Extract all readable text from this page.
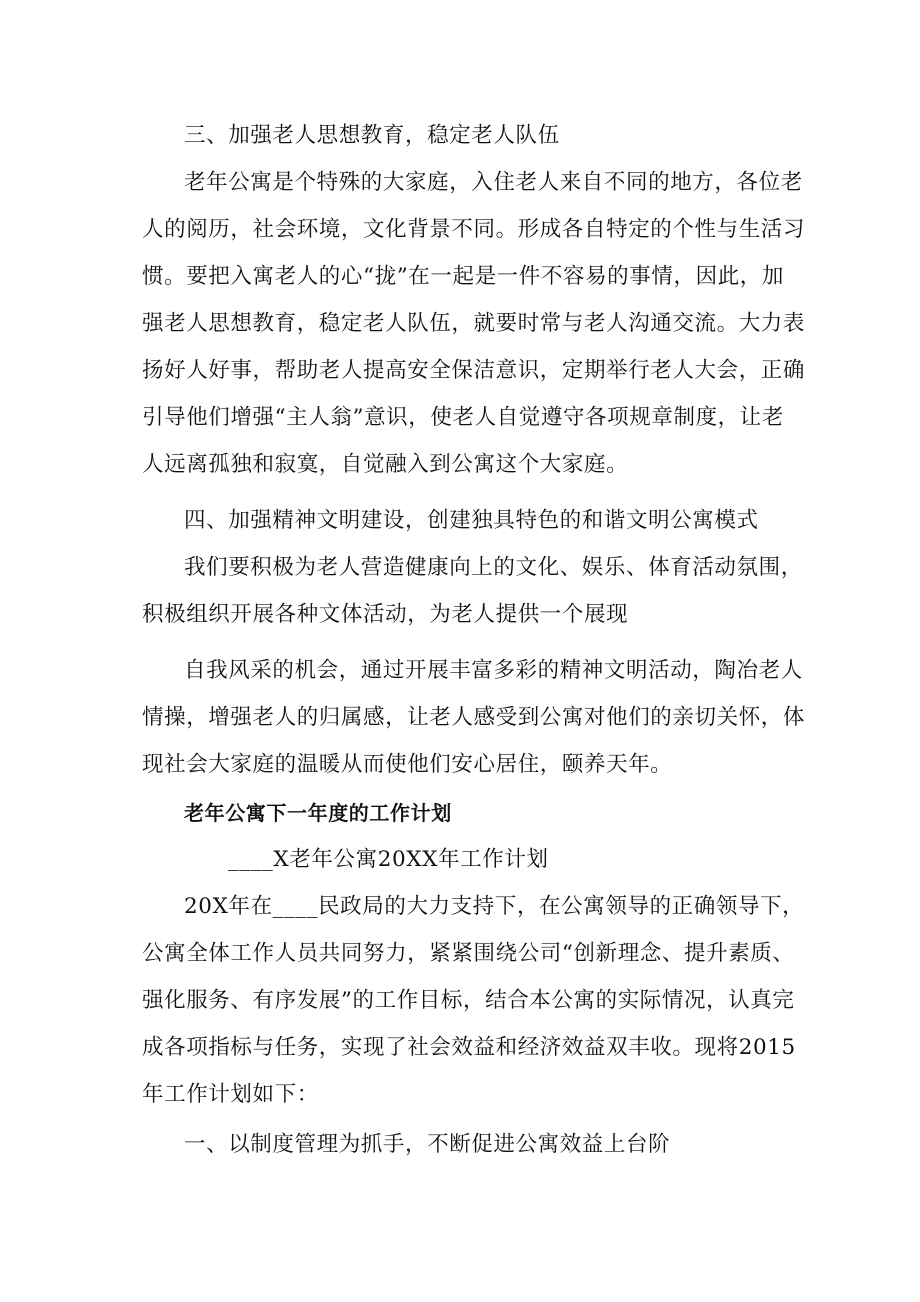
三、加强老人思想教育，稳定老人队伍
老年公寓是个特殊的大家庭，入住老人来自不同的地方，各位老
人的阅历，社会环境，文化背景不同。形成各自特定的个性与生活习
惯。要把入寓老人的心“拢”在一起是一件不容易的事情，因此，加
强老人思想教育，稳定老人队伍，就要时常与老人沟通交流。大力表
扬好人好事，帮助老人提高安全保洁意识，定期举行老人大会，正确
引导他们增强“主人翁”意识，使老人自觉遵守各项规章制度，让老
人远离孤独和寂寞，自觉融入到公寓这个大家庭。
四、加强精神文明建设，创建独具特色的和谐文明公寓模式
我们要积极为老人营造健康向上的文化、娱乐、体育活动氛围，
积极组织开展各种文体活动，为老人提供一个展现
自我风采的机会，通过开展丰富多彩的精神文明活动，陶冶老人
情操，增强老人的归属感，让老人感受到公寓对他们的亲切关怀，体
现社会大家庭的温暖从而使他们安心居住，颐养天年。
老年公寓下一年度的工作计划
____X老年公寓20XX年工作计划
20X年在____民政局的大力支持下，在公寓领导的正确领导下，
公寓全体工作人员共同努力，紧紧围绕公司“创新理念、提升素质、
强化服务、有序发展”的工作目标，结合本公寓的实际情况，认真完
成各项指标与任务，实现了社会效益和经济效益双丰收。现将2015
年工作计划如下：
一、以制度管理为抓手，不断促进公寓效益上台阶
